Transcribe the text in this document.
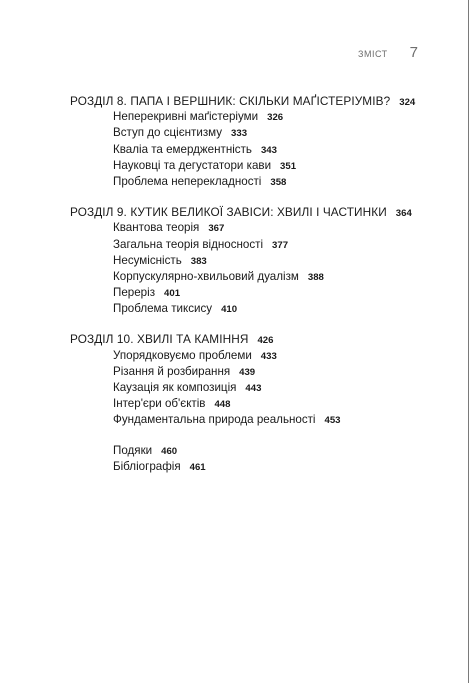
ЗМІСТ 7
РОЗДІЛ 8. ПАПА І ВЕРШНИК: СКІЛЬКИ МАҐІСТЕРІУМІВ? 324
Неперекривні маґістеріуми 326
Вступ до сцієнтизму 333
Кваліа та емерджентність 343
Науковці та дегустатори кави 351
Проблема неперекладності 358
РОЗДІЛ 9. КУТИК ВЕЛИКОЇ ЗАВІСИ: ХВИЛІ І ЧАСТИНКИ 364
Квантова теорія 367
Загальна теорія відносності 377
Несумісність 383
Корпускулярно-хвильовий дуалізм 388
Переріз 401
Проблема тиксису 410
РОЗДІЛ 10. ХВИЛІ ТА КАМІННЯ 426
Упорядковуємо проблеми 433
Різання й розбирання 439
Каузація як композиція 443
Інтер'єри об'єктів 448
Фундаментальна природа реальності 453
Подяки 460
Бібліографія 461
